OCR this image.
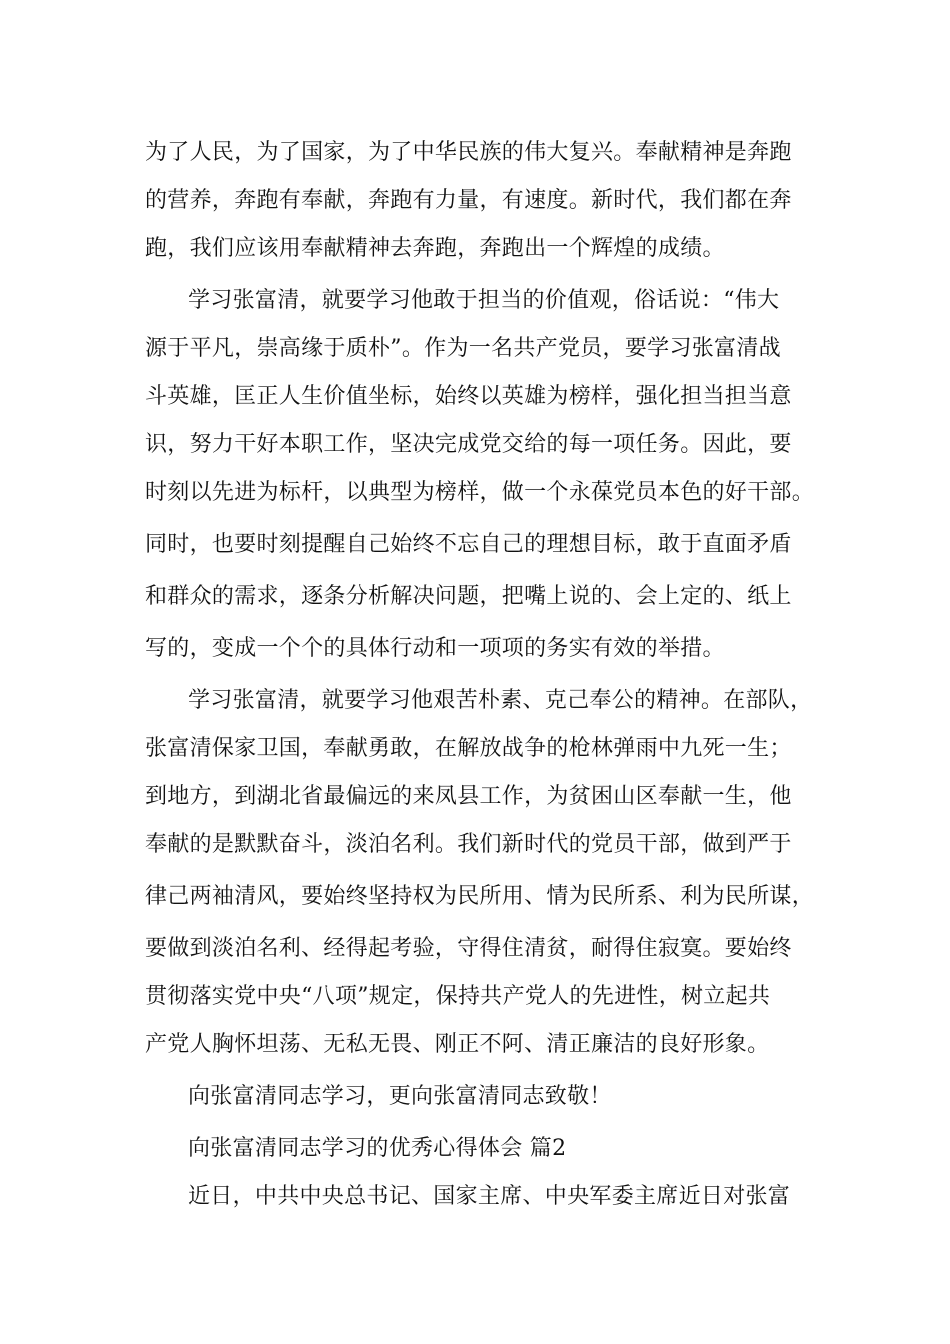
为了人民，为了国家，为了中华民族的伟大复兴。奉献精神是奔跑
的营养，奔跑有奉献，奔跑有力量，有速度。新时代，我们都在奔
跑，我们应该用奉献精神去奔跑，奔跑出一个辉煌的成绩。
学习张富清，就要学习他敢于担当的价值观，俗话说：“伟大
源于平凡，崇高缘于质朴”。作为一名共产党员，要学习张富清战
斗英雄，匡正人生价值坐标，始终以英雄为榜样，强化担当担当意
识，努力干好本职工作，坚决完成党交给的每一项任务。因此，要
时刻以先进为标杆，以典型为榜样，做一个永葆党员本色的好干部。
同时，也要时刻提醒自己始终不忘自己的理想目标，敢于直面矛盾
和群众的需求，逐条分析解决问题，把嘴上说的、会上定的、纸上
写的，变成一个个的具体行动和一项项的务实有效的举措。
学习张富清，就要学习他艰苦朴素、克己奉公的精神。在部队，
张富清保家卫国，奉献勇敢，在解放战争的枪林弹雨中九死一生；
到地方，到湖北省最偏远的来凤县工作，为贫困山区奉献一生，他
奉献的是默默奋斗，淡泊名利。我们新时代的党员干部，做到严于
律己两袖清风，要始终坚持权为民所用、情为民所系、利为民所谋，
要做到淡泊名利、经得起考验，守得住清贫，耐得住寂寞。要始终
贯彻落实党中央“八项”规定，保持共产党人的先进性，树立起共
产党人胸怀坦荡、无私无畏、刚正不阿、清正廉洁的良好形象。
向张富清同志学习，更向张富清同志致敬！
向张富清同志学习的优秀心得体会 篇2
近日，中共中央总书记、国家主席、中央军委主席近日对张富
